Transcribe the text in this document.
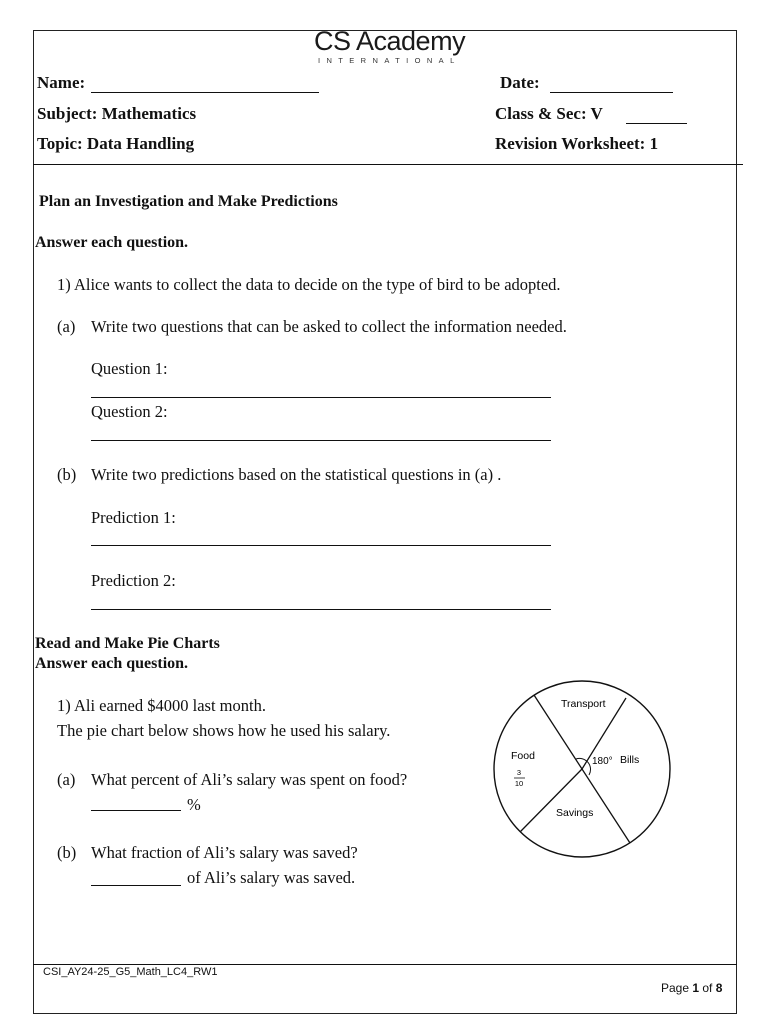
CS Academy
INTERNATIONAL
Name:	Date:
Subject: Mathematics	Class & Sec: V
Topic: Data Handling	Revision Worksheet: 1
Plan an Investigation and Make Predictions
Answer each question.
1) Alice wants to collect the data to decide on the type of bird to be adopted.
(a) Write two questions that can be asked to collect the information needed.
Question 1:
Question 2:
(b) Write two predictions based on the statistical questions in (a) .
Prediction 1:
Prediction 2:
Read and Make Pie Charts
Answer each question.
1) Ali earned $4000 last month.
The pie chart below shows how he used his salary.
(a) What percent of Ali’s salary was spent on food?
%
(b) What fraction of Ali’s salary was saved?
of Ali’s salary was saved.
Transport
Bills
180°
Savings
Food
3
10
CSI_AY24-25_G5_Math_LC4_RW1
Page 1 of 8
